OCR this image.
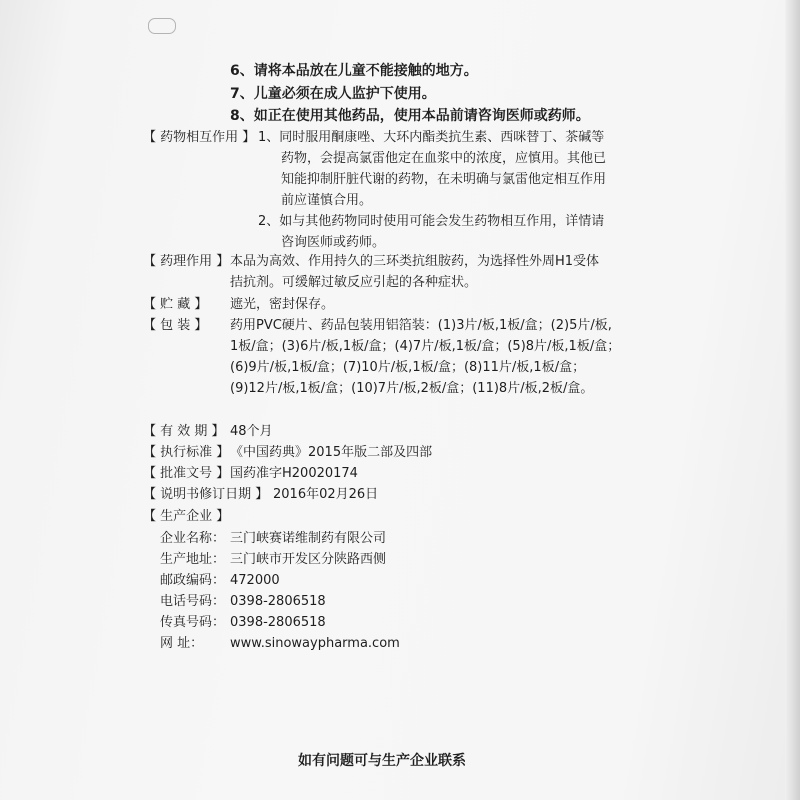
6、请将本品放在儿童不能接触的地方。
7、儿童必须在成人监护下使用。
8、如正在使用其他药品，使用本品前请咨询医师或药师。
【 药物相互作用 】 1、同时服用酮康唑、大环内酯类抗生素、西咪替丁、茶碱等
药物，会提高氯雷他定在血浆中的浓度，应慎用。其他已
知能抑制肝脏代谢的药物，在未明确与氯雷他定相互作用
前应谨慎合用。
2、如与其他药物同时使用可能会发生药物相互作用，详情请
咨询医师或药师。
【 药理作用 】 本品为高效、作用持久的三环类抗组胺药，为选择性外周H1受体
拮抗剂。可缓解过敏反应引起的各种症状。
【 贮 藏 】 遮光，密封保存。
【 包 装 】 药用PVC硬片、药品包装用铝箔装：(1)3片/板,1板/盒；(2)5片/板,
1板/盒；(3)6片/板,1板/盒；(4)7片/板,1板/盒；(5)8片/板,1板/盒；
(6)9片/板,1板/盒；(7)10片/板,1板/盒；(8)11片/板,1板/盒；
(9)12片/板,1板/盒；(10)7片/板,2板/盒；(11)8片/板,2板/盒。
【 有 效 期 】 48个月
【 执行标准 】 《中国药典》2015年版二部及四部
【 批准文号 】 国药准字H20020174
【 说明书修订日期 】 2016年02月26日
【 生产企业 】
企业名称： 三门峡赛诺维制药有限公司
生产地址： 三门峡市开发区分陕路西侧
邮政编码： 472000
电话号码： 0398-2806518
传真号码： 0398-2806518
网 址： www.sinowaypharma.com
如有问题可与生产企业联系
